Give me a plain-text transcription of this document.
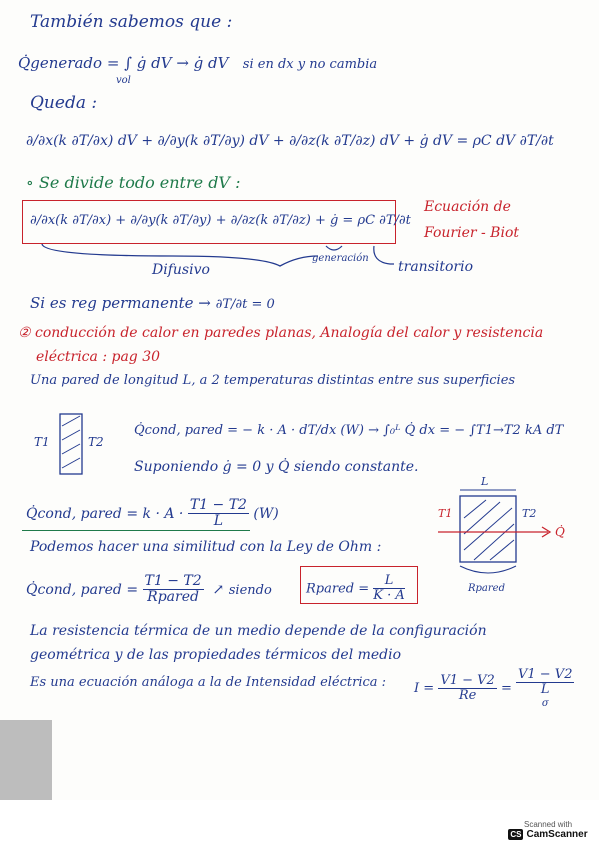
También sabemos que :
Q̇generado = ∫ ġ dV → ġ dV si en dx y no cambia
vol
Queda :
∂/∂x(k ∂T/∂x) dV + ∂/∂y(k ∂T/∂y) dV + ∂/∂z(k ∂T/∂z) dV + ġ dV = ρC dV ∂T/∂t
∘ Se divide todo entre dV :
∂/∂x(k ∂T/∂x) + ∂/∂y(k ∂T/∂y) + ∂/∂z(k ∂T/∂z) + ġ = ρC ∂T/∂t
Ecuación de
Fourier - Biot
Difusivo
generación
transitorio
Si es reg permanente → ∂T/∂t = 0
② conducción de calor en paredes planas, Analogía del calor y resistencia
eléctrica : pag 30
Una pared de longitud L, a 2 temperaturas distintas entre sus superficies
T1	T2
Q̇cond, pared = − k · A · dT/dx (W) → ∫₀ᴸ Q̇ dx = − ∫T1→T2 kA dT
Suponiendo ġ = 0 y Q̇ siendo constante.
Q̇cond, pared = $k \cdot A \cdot \frac{T1 - T2}{L} (W)$
L
T1	T2
Q̇
Rpared
Podemos hacer una similitud con la Ley de Ohm :
Q̇cond, pared = $\frac{T1 - T2}{\text{Rpared}}$ ↗ siendo	Rpared = $\frac{L}{K \cdot A}$
La resistencia térmica de un medio depende de la configuración
geométrica y de las propiedades térmicos del medio
Es una ecuación análoga a la de Intensidad eléctrica : $I = \frac{V1 - V2}{Re}$ =
V1 − V2
L
σ
Scanned with
CS CamScanner
